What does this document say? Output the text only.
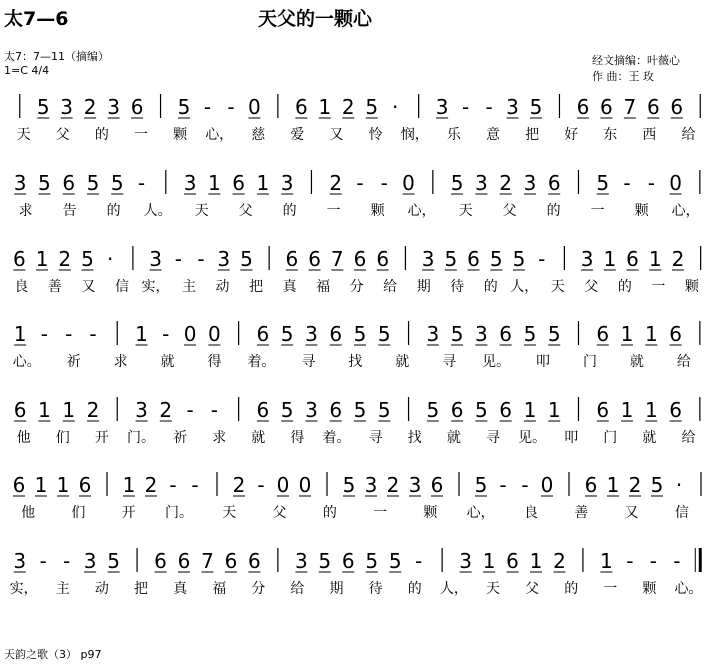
太7—6	天父的一颗心
太7：7—11（摘编）
1=C 4/4
经文摘编：叶薇心
作 曲：王 玫
5 3 2 3 6 5 - - 0 6 1 2 5 · 3 - - 3 5 6 6 7 6 6
天 父 的 一 颗 心， 慈 爱 又 怜 悯， 乐 意 把 好 东 西 给
3 5 6 5 5 - 3 1 6 1 3 2 - - 0 5 3 2 3 6 5 - - 0
求 告 的 人。 天 父 的 一 颗 心， 天 父 的 一 颗 心，
6 1 2 5 · 3 - - 3 5 6 6 7 6 6 3 5 6 5 5 - 3 1 6 1 2
良 善 又 信 实， 主 动 把 真 福 分 给 期 待 的 人， 天 父 的 一 颗
1 - - - 1 - 0 0 6 5 3 6 5 5 3 5 3 6 5 5 6 1 1 6
心。 祈 求 就 得 着。 寻 找 就 寻 见。 叩 门 就 给
6 1 1 2 3 2 - - 6 5 3 6 5 5 5 6 5 6 1 1 6 1 1 6
他 们 开 门。 祈 求 就 得 着。 寻 找 就 寻 见。 叩 门 就 给
6 1 1 6 1 2 - - 2 - 0 0 5 3 2 3 6 5 - - 0 6 1 2 5 ·
他	们	开 门。 天	父	的	一	颗 心， 良	善	又	信
3 - - 3 5 6 6 7 6 6 3 5 6 5 5 - 3 1 6 1 2 1 - - -
实， 主 动 把 真 福 分 给 期 待 的 人， 天 父 的 一 颗 心。
天韵之歌（3） p97
